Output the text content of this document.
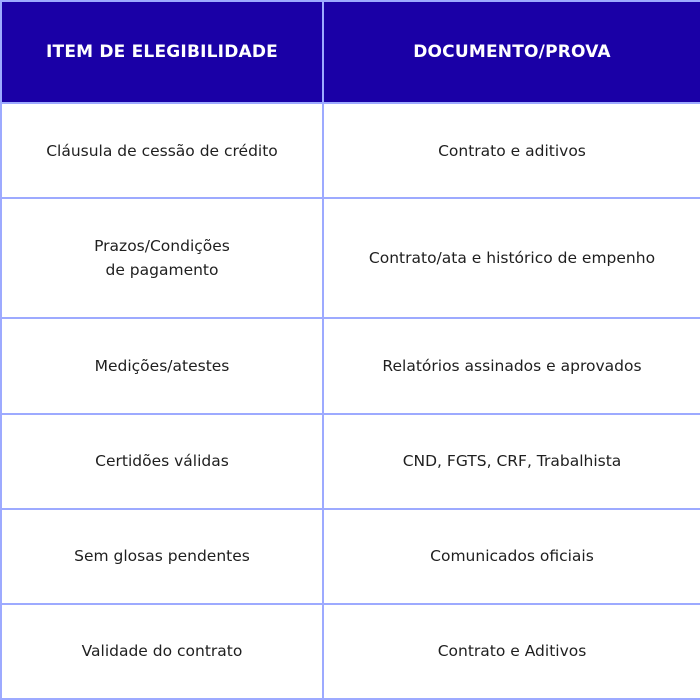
ITEM DE ELEGIBILIDADE	DOCUMENTO/PROVA

Cláusula de cessão de crédito	Contrato e aditivos

Prazos/Condições
de pagamento	Contrato/ata e histórico de empenho

Medições/atestes	Relatórios assinados e aprovados

Certidões válidas	CND, FGTS, CRF, Trabalhista

Sem glosas pendentes	Comunicados oficiais

Validade do contrato	Contrato e Aditivos
